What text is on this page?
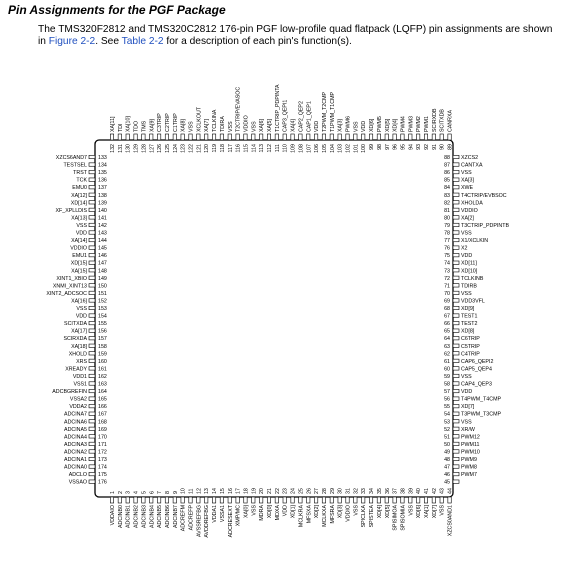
Pin Assignments for the PGF Package
The TMS320F2812 and TMS320C2812 176-pin PGF low-profile quad flatpack (LQFP) pin assignments are shown in Figure 2-2. See Table 2-2 for a description of each pin's function(s).
133
XZCS6AND7
134
TESTSEL
135
TRST
136
TCK
137
EMU0
138
XA[12]
139
XD[14]
140
XF_XPLLDIS
141
XA[13]
142
VSS
143
VDD
144
XA[14]
145
VDDIO
146
EMU1
147
XD[15]
148
XA[15]
149
XINT1_XBIO
150
XNMI_XINT13
151
XINT2_ADCSOC
152
XA[16]
153
VSS
154
VDD
155
SCITXDA
156
XA[17]
157
SCIRXDA
158
XA[18]
159
XHOLD
160
XRS
161
XREADY
162
VDD1
163
VSS1
164
ADCBGREFIN
165
VSSA2
166
VDDA2
167
ADCINA7
168
ADCINA6
169
ADCINA5
170
ADCINA4
171
ADCINA3
172
ADCINA2
173
ADCINA1
174
ADCINA0
175
ADCLO
176
VSSAO
88 XZCS2
87 CANTXA
86 VSS
85 XA[3]
84 XWE
83 T4CTRIP/EVBSOC
82 XHOLDA
81 VDDIO
80 XA[2]
79 T3CTRIP_PDPINTB
78 VSS
77 X1/XCLKIN
76 X2
75 VDD
74 XD[11]
73 XD[10]
72 TCLKINB
71 TDIRB
70 VSS
69 VDD3VFL
68 XD[9]
67 TEST1
66 TEST2
65 XD[8]
64 C6TRIP
63 C5TRIP
62 C4TRIP
61 CAP6_QEPI2
60 CAP5_QEP4
59 VSS
58 CAP4_QEP3
57 VDD
56 T4PWM_T4CMP
55 XD[7]
54 T3PWM_T3CMP
53 VSS
52 XR/W
51 PWM12
50 PWM11
49 PWM10
48 PWM9
47 PWM8
46 PWM7
45
132
XA[11]
131
TDI
130
XA[10]
129
TDO
128
TMS
127
XA[9]
126
C3TRIP
125
C2TRIP
124
C1TRIP
123
XA[8]
122
VSS
121
XCLKOUT
120
XA[7]
119
TCLKINA
118
TDIRA
117
VSS
116
T2CTRIP/EVASOC
115
VDDIO
114
VSS
113
XA[6]
112
XA[5]
111
T1CTRIP_PDPINTA
110
CAP3_QEPI1
109
XA[4]
108
CAP2_QEP2
107
CAP1_QEP1
106
VDD
105
T2PWM_T2CMP
104
T1PWM_T1CMP
103
XA[3]
102
PWM6
101
VSS
100
VDD
99
XD[6]
98
PWM5
97
XD[5]
96
XD[4]
95
PWM4
94
PWM3
93
PWM2
92
PWM1
91
SCIRXDB
90
SCITXDB
89
CANRXA
1
VDDAIO
2
ADCINB0
3
ADCINB1
4
ADCINB2
5
ADCINB3
6
ADCINB4
7
ADCINB5
8
ADCINB6
9
ADCINB7
10
ADCREFM
11
ADCREFP
12
AVSSREFBG
13
AVDDREFBG
14
VDDA1
15
VSSA1
16
ADCRESEXT
17
XMP/MC
18
XA[0]
19
VSS
20
MDRA
21
XD[0]
22
MDXA
23
VDD
24
XD[1]
25
MCLKRA
26
MFSXA
27
XD[2]
28
MCLKXA
29
MFSRA
30
XD[3]
31
VDDIO
32
VSS
33
SPICLKA
34
SPISTEA
35
XD[4]
36
XD[5]
37
SPISIMOA
38
SPISOMIA
39
VSS
40
XD[6]
41
XA[1]
42
XD[7]
43
VSS
44
XZCS0AND1
